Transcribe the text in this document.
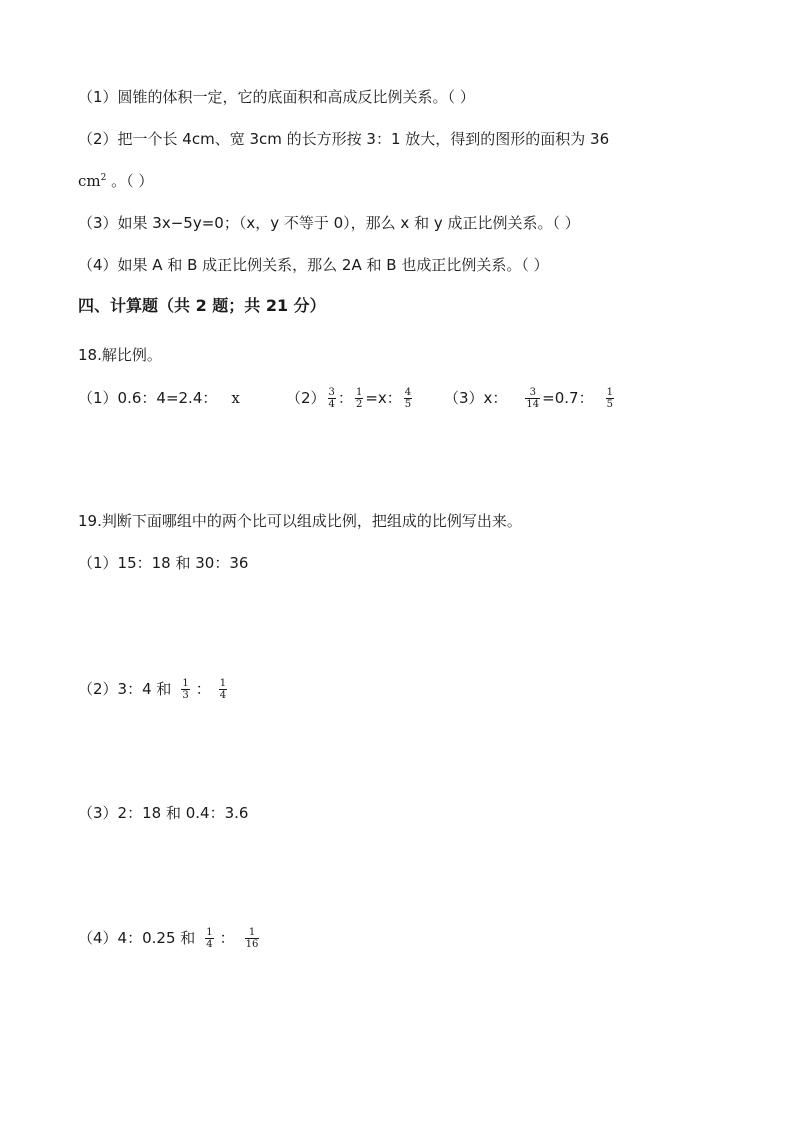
（1）圆锥的体积一定，它的底面积和高成反比例关系。（ ）
（2）把一个长 4cm、宽 3cm 的长方形按 3：1 放大，得到的图形的面积为 36
$cm^2$ 。（ ）
（3）如果 3x−5y=0；（x，y 不等于 0），那么 x 和 y 成正比例关系。（ ）
（4）如果 A 和 B 成正比例关系，那么 2A 和 B 也成正比例关系。（ ）
四、计算题（共 2 题；共 21 分）
18.解比例。
（1）0.6：4=2.4： x	$(2) \frac{3}{4}$ ： $\frac{1}{2} =x$： $\frac{4}{5} (3)x$： $\frac{3}{14} =0.7$： $\frac{1}{5}$
19.判断下面哪组中的两个比可以组成比例，把组成的比例写出来。
（1）15：18 和 30：36
（2）3：4 和 $\frac{1}{3}$ ： $\frac{1}{4}$
（3）2：18 和 0.4：3.6
（4）4：0.25 和 $\frac{1}{4}$ ： $\frac{1}{16}$
